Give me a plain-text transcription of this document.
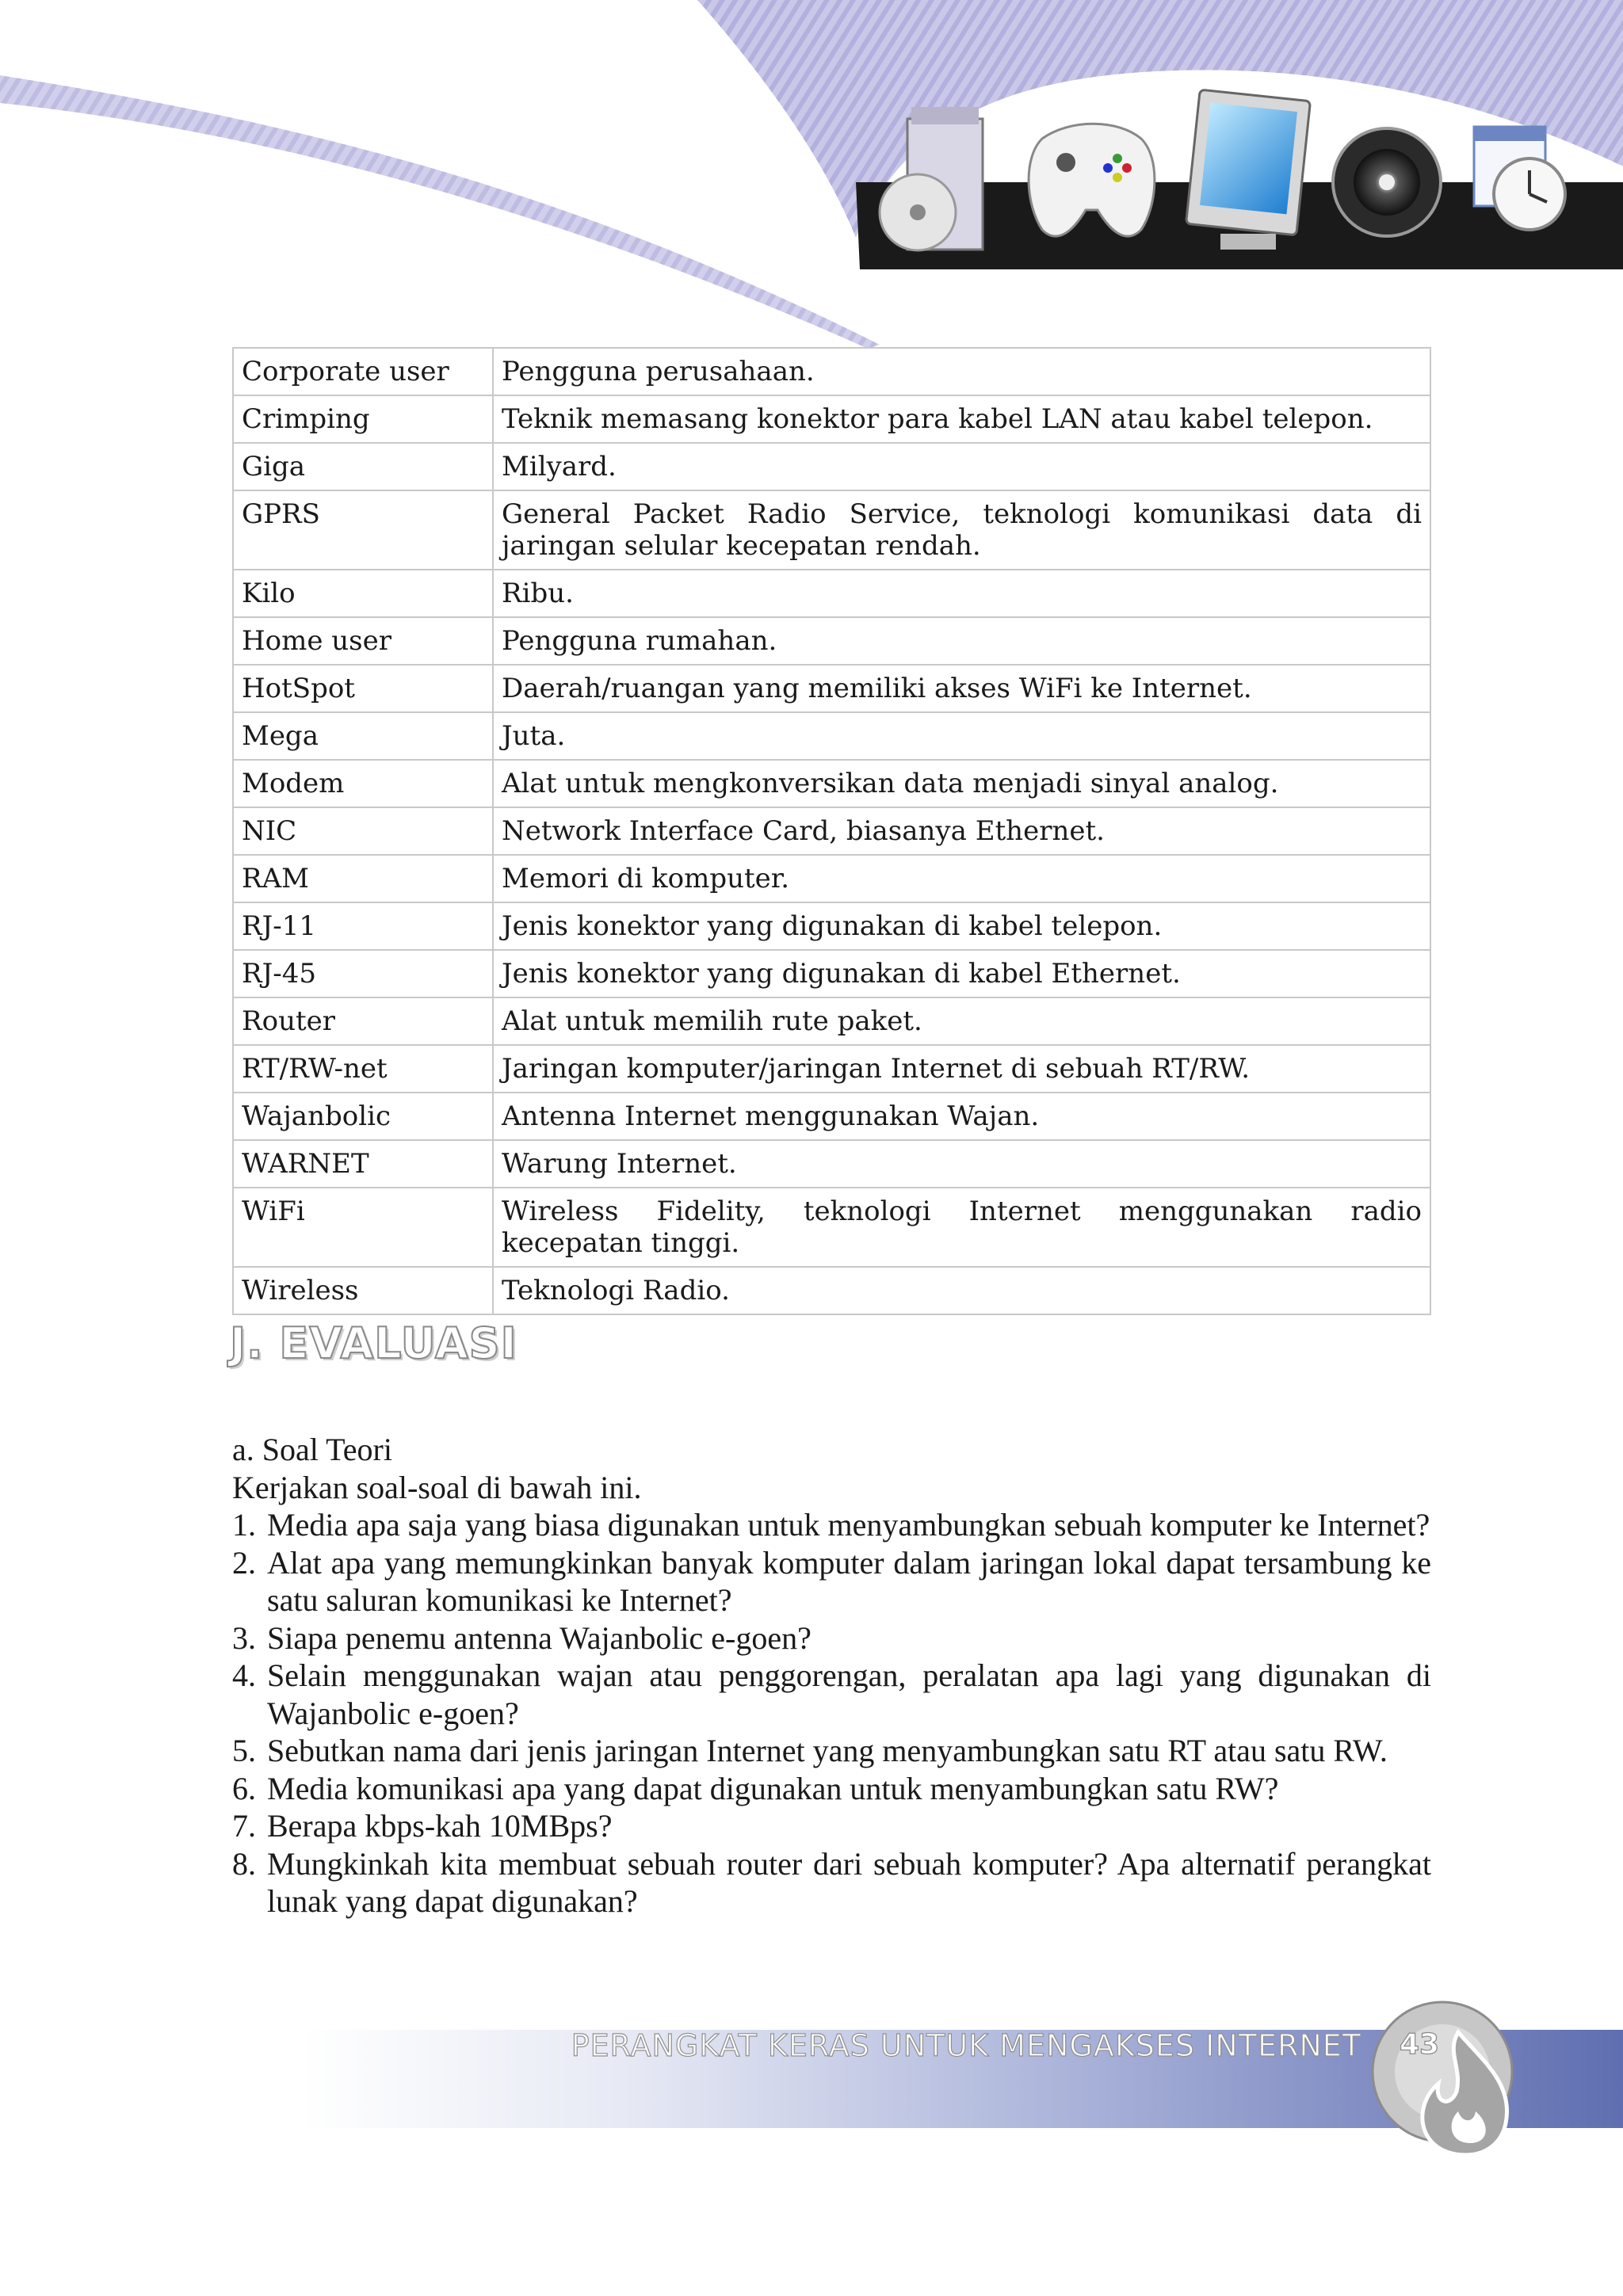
Corporate user	Pengguna perusahaan.
Crimping	Teknik memasang konektor para kabel LAN atau kabel telepon.
Giga	Milyard.
GPRS	General Packet Radio Service, teknologi komunikasi data di jaringan selular kecepatan rendah.
Kilo	Ribu.
Home user	Pengguna rumahan.
HotSpot	Daerah/ruangan yang memiliki akses WiFi ke Internet.
Mega	Juta.
Modem	Alat untuk mengkonversikan data menjadi sinyal analog.
NIC	Network Interface Card, biasanya Ethernet.
RAM	Memori di komputer.
RJ-11	Jenis konektor yang digunakan di kabel telepon.
RJ-45	Jenis konektor yang digunakan di kabel Ethernet.
Router	Alat untuk memilih rute paket.
RT/RW-net	Jaringan komputer/jaringan Internet di sebuah RT/RW.
Wajanbolic	Antenna Internet menggunakan Wajan.
WARNET	Warung Internet.
WiFi	Wireless Fidelity, teknologi Internet menggunakan radio kecepatan tinggi.
Wireless	Teknologi Radio.
J. EVALUASI

a. Soal Teori

Kerjakan soal-soal di bawah ini.

1. Media apa saja yang biasa digunakan untuk menyambungkan sebuah komputer ke Internet?
2. Alat apa yang memungkinkan banyak komputer dalam jaringan lokal dapat tersambung ke satu saluran komunikasi ke Internet?
3. Siapa penemu antenna Wajanbolic e-goen?
4. Selain menggunakan wajan atau penggorengan, peralatan apa lagi yang digunakan di Wajanbolic e-goen?
5. Sebutkan nama dari jenis jaringan Internet yang menyambungkan satu RT atau satu RW.
6. Media komunikasi apa yang dapat digunakan untuk menyambungkan satu RW?
7. Berapa kbps-kah 10MBps?
8. Mungkinkah kita membuat sebuah router dari sebuah komputer? Apa alternatif perangkat lunak yang dapat digunakan?

PERANGKAT KERAS UNTUK MENGAKSES INTERNET 43
